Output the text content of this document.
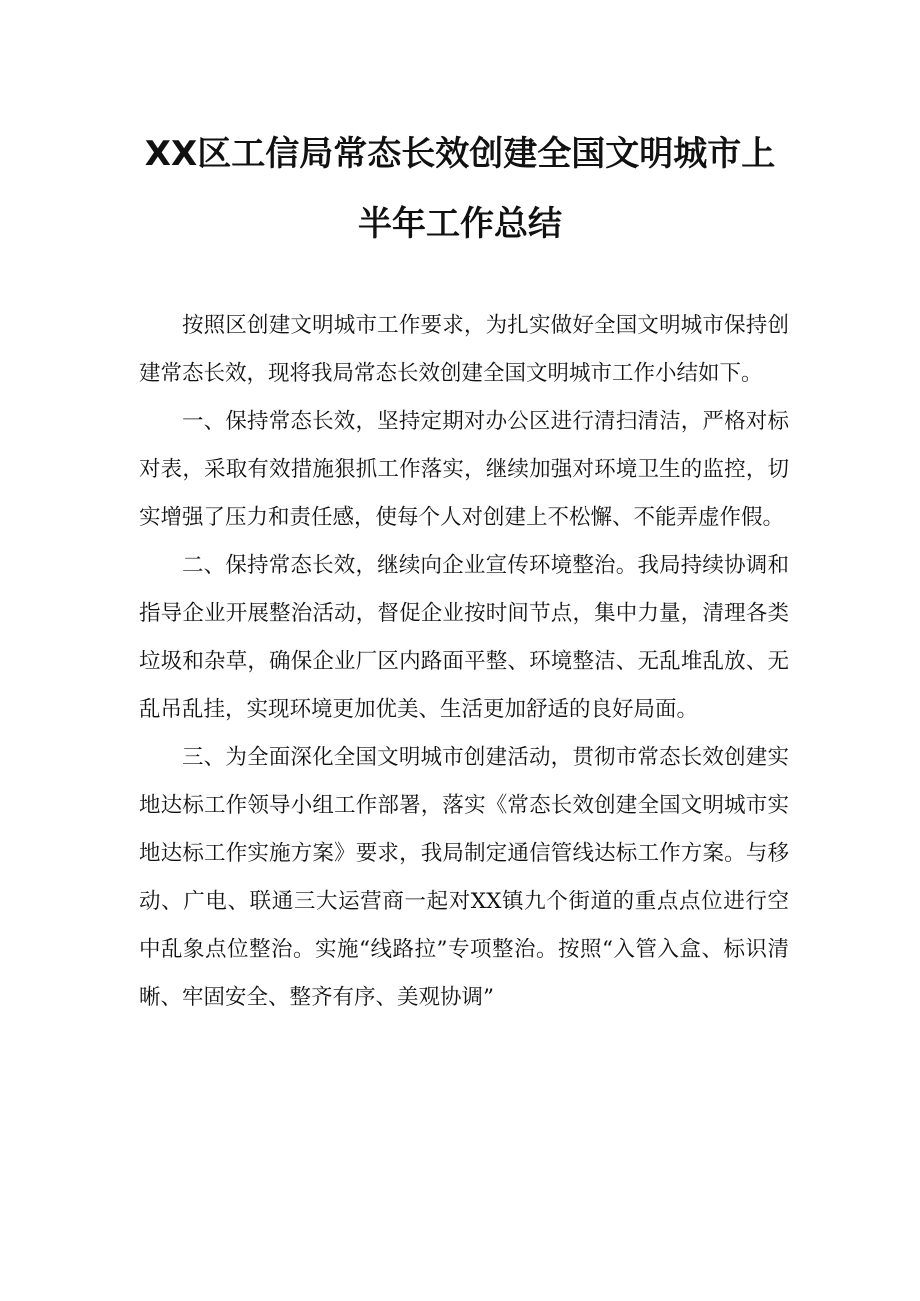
XX区工信局常态长效创建全国文明城市上
半年工作总结

按照区创建文明城市工作要求，为扎实做好全国文明城市保持创建常态长效，现将我局常态长效创建全国文明城市工作小结如下。

一、保持常态长效，坚持定期对办公区进行清扫清洁，严格对标对表，采取有效措施狠抓工作落实，继续加强对环境卫生的监控，切实增强了压力和责任感，使每个人对创建上不松懈、不能弄虚作假。

二、保持常态长效，继续向企业宣传环境整治。我局持续协调和指导企业开展整治活动，督促企业按时间节点，集中力量，清理各类垃圾和杂草，确保企业厂区内路面平整、环境整洁、无乱堆乱放、无乱吊乱挂，实现环境更加优美、生活更加舒适的良好局面。

三、为全面深化全国文明城市创建活动，贯彻市常态长效创建实地达标工作领导小组工作部署，落实《常态长效创建全国文明城市实地达标工作实施方案》要求，我局制定通信管线达标工作方案。与移动、广电、联通三大运营商一起对XX镇九个街道的重点点位进行空中乱象点位整治。实施“线路拉”专项整治。按照“入管入盒、标识清晰、牢固安全、整齐有序、美观协调”
